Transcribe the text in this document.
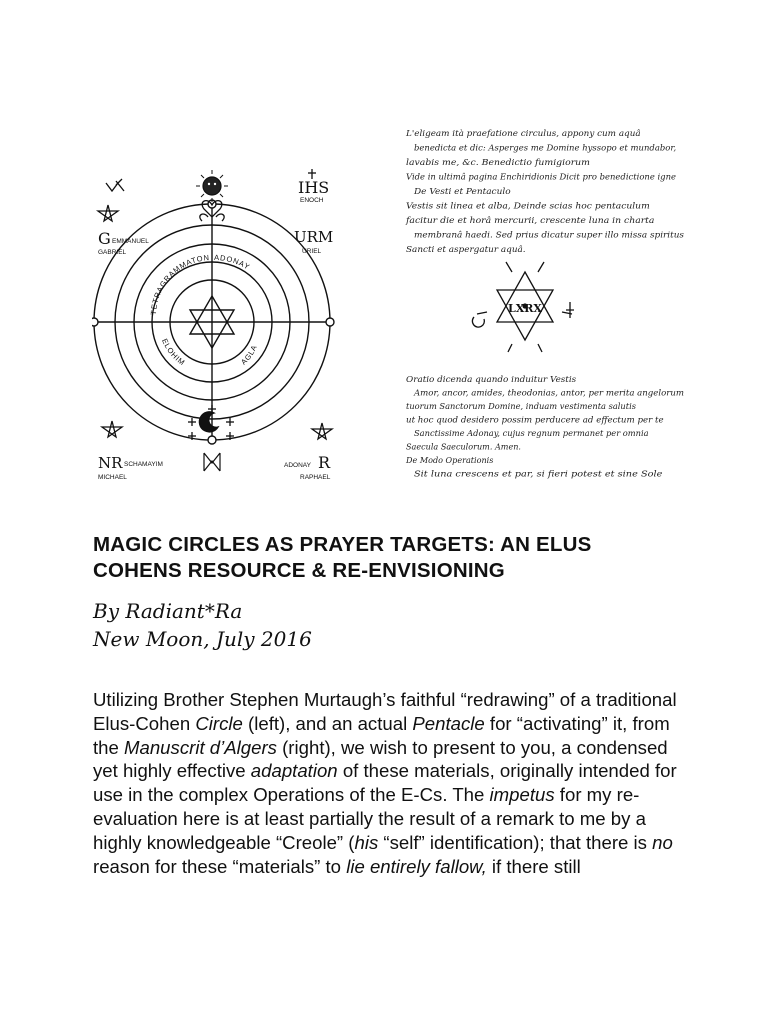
TETRAGRAMMATON ADONAY
ELOHIM	AGLA
G EMMANUEL
GABRIEL
IHS
ENOCH
URM
URIEL
NR SCHAMAYIM
MICHAEL
R
ADONAY
RAPHAEL
L'eligeam ità praefatione circulus, appony cum aquâ
benedicta et dic: Asperges me Domine hyssopo et mundabor,
lavabis me, &c. Benedictio fumigiorum
Vide in ultimâ pagina Enchiridionis Dicit pro benedictione igne
De Vesti et Pentaculo
Vestis sit linea et alba, Deinde scias hoc pentaculum
facitur die et horâ mercurii, crescente luna in charta
membranâ haedi. Sed prius dicatur super illo missa spiritus
Sancti et aspergatur aquâ.
LXRX
Oratio dicenda quando induitur Vestis
Amor, ancor, amides, theodonias, antor, per merita angelorum
tuorum Sanctorum Domine, induam vestimenta salutis
ut hoc quod desidero possim perducere ad effectum per te
Sanctissime Adonay, cujus regnum permanet per omnia
Saecula Saeculorum. Amen.
De Modo Operationis
Sit luna crescens et par, si fieri potest et sine Sole
MAGIC CIRCLES AS PRAYER TARGETS: AN ELUS
COHENS RESOURCE & RE-ENVISIONING
By Radiant*Ra
New Moon, July 2016
Utilizing Brother Stephen Murtaugh’s faithful “redrawing” of a traditional Elus-Cohen Circle (left), and an actual Pentacle for “activating” it, from the Manuscrit d’Algers (right), we wish to present to you, a condensed yet highly effective adaptation of these materials, originally intended for use in the complex Operations of the E-Cs. The impetus for my re-evaluation here is at least partially the result of a remark to me by a highly knowledgeable “Creole” (his “self” identification); that there is no reason for these “materials” to lie entirely fallow, if there still
